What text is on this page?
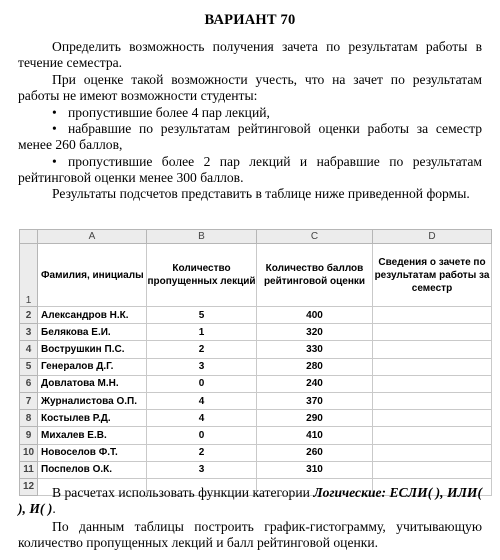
ВАРИАНТ 70
Определить возможность получения зачета по результатам работы в течение семестра.
При оценке такой возможности учесть, что на зачет по результатам работы не имеют возможности студенты:
• пропустившие более 4 пар лекций,
• набравшие по результатам рейтинговой оценки работы за семестр менее 260 баллов,
• пропустившие более 2 пар лекций и набравшие по результатам рейтинговой оценки менее 300 баллов.
Результаты подсчетов представить в таблице ниже приведенной формы.
	A	B	C	D
1	Фамилия, инициалы	Количество пропущенных лекций	Количество баллов рейтинговой оценки	Сведения о зачете по результатам работы за семестр
2	Александров Н.К.	5	400	
3	Белякова Е.И.	1	320	
4	Вострушкин П.С.	2	330	
5	Генералов Д.Г.	3	280	
6	Довлатова М.Н.	0	240	
7	Журналистова О.П.	4	370	
8	Костылев Р.Д.	4	290	
9	Михалев Е.В.	0	410	
10	Новоселов Ф.Т.	2	260	
11	Поспелов О.К.	3	310	
12					В расчетах использовать функции категории Логические: ЕСЛИ( ), ИЛИ( ), И( ).
По данным таблицы построить график-гистограмму, учитывающую количество пропущенных лекций и балл рейтинговой оценки.
